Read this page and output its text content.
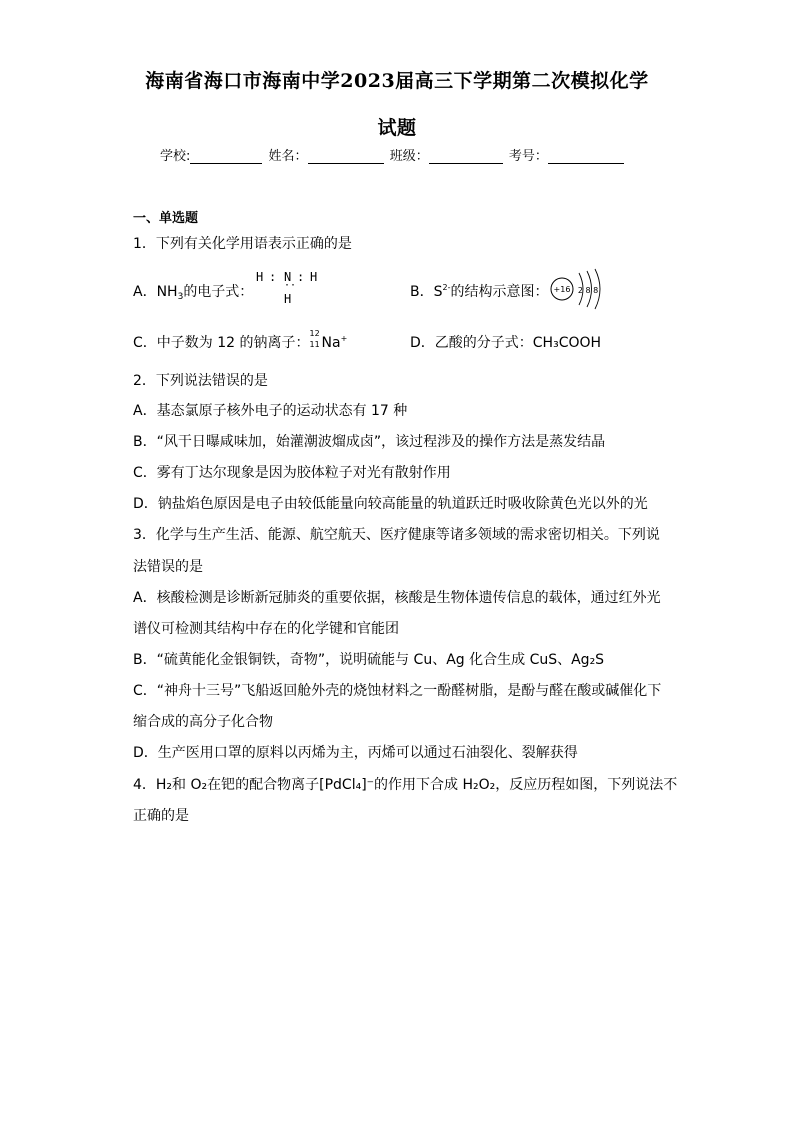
海南省海口市海南中学2023届高三下学期第二次模拟化学
试题
学校:	姓名：	班级：	考号：
一、单选题
1．下列有关化学用语表示正确的是
A．$NH_3$的电子式：
H : N : H
··
H	B．$S^{2-}$的结构示意图： +16 2 8 8
C．中子数为 12 的钠离子：
12
11 Na+	D．乙酸的分子式：CH₃COOH
2．下列说法错误的是
A．基态氯原子核外电子的运动状态有 17 种
B．“风干日曝咸味加，始灌潮波熘成卤”，该过程涉及的操作方法是蒸发结晶
C．雾有丁达尔现象是因为胶体粒子对光有散射作用
D．钠盐焰色原因是电子由较低能量向较高能量的轨道跃迁时吸收除黄色光以外的光
3．化学与生产生活、能源、航空航天、医疗健康等诸多领域的需求密切相关。下列说
法错误的是
A．核酸检测是诊断新冠肺炎的重要依据，核酸是生物体遗传信息的载体，通过红外光
谱仪可检测其结构中存在的化学键和官能团
B．“硫黄能化金银铜铁，奇物”，说明硫能与 Cu、Ag 化合生成 CuS、Ag₂S
C．“神舟十三号”飞船返回舱外壳的烧蚀材料之一酚醛树脂，是酚与醛在酸或碱催化下
缩合成的高分子化合物
D．生产医用口罩的原料以丙烯为主，丙烯可以通过石油裂化、裂解获得
4．H₂和 O₂在钯的配合物离子[PdCl₄]⁻的作用下合成 H₂O₂，反应历程如图，下列说法不
正确的是
